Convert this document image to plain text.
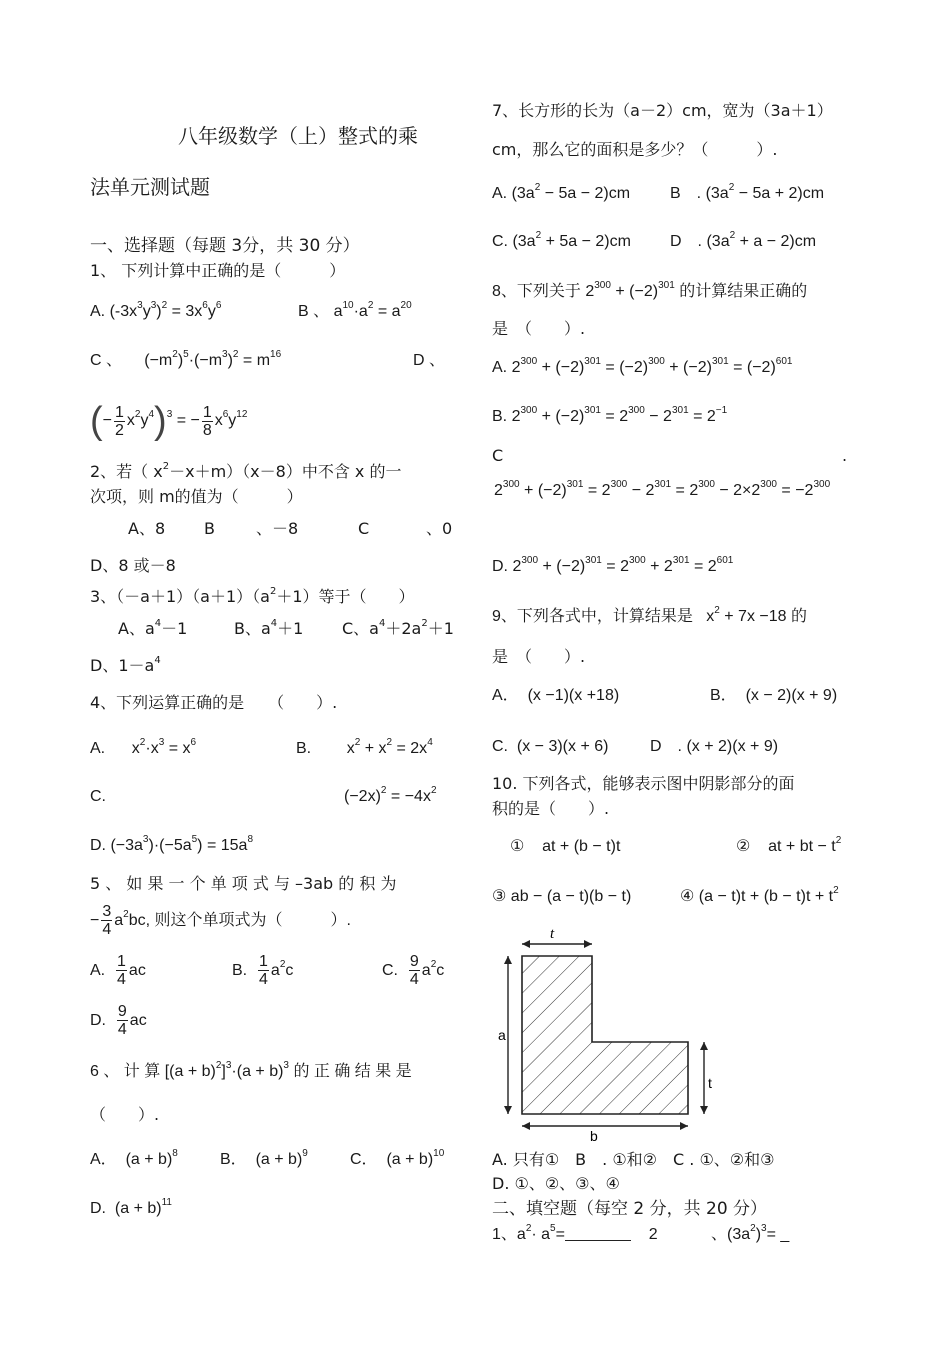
八年级数学（上）整式的乘
法单元测试题
一、选择题（每题 3分，共 30 分）
1、 下列计算中正确的是（　　　）
A. $(-3x^3y^3)^2 = 3x^6y^6$	B 、 $a^{10}\cdot a^2 = a^{20}$
C 、     $(-m^2)^5\cdot(-m^3)^2 = m^{16}$	D 、
(− $\frac{1}{2} x^2y^4)^3$ = − $\frac{1}{8} x^6y^{12}$
2、若（ $x^2-x+m)(x-8)$中不含 x 的一
次项，则 m的值为（　　　）
A、8 B	、－8	C	、0
D、8 或－8
3、$(-a+1)(a+1)(a^2+1)$等于（　　）
A、$a^4-1$	B、$a^4+1$ C、$a^4+2a^2+1$
D、$1-a^4$
4、下列运算正确的是　　（　　）.
A.      $x^2\cdot x^3 = x^6$	B.        $x^2 + x^2 = 2x^4$
C.	$(-2x)^2 = -4x^2$
D. $(-3a^3)\cdot(-5a^5) = 15a^8$
5 、 如 果 一 个 单 项 式 与 –3ab 的 积 为
− $\frac{3}{4} a^2bc$, 则这个单项式为（　　　）.
A. $\frac{1}{4}$ ac	B. $\frac{1}{4} a^2c$	C. $\frac{9}{4} a^2c$
D. $\frac{9}{4}$ ac
6 、 计 算 $[(a + b)^2]^3\cdot(a + b)^3$ 的 正 确 结 果 是
（　　）.
A．  $(a + b)^8$	B．  $(a + b)^9$	C．  $(a + b)^{10}$
D.  $(a + b)^{11}$
7、长方形的长为（a－2）cm，宽为（3a＋1）
cm，那么它的面积是多少？（　　　）.
A. $(3a^2 - 5a - 2)cm$ B　. $(3a^2 - 5a + 2)cm$
C. $(3a^2 + 5a - 2)cm$ D　. $(3a^2 + a - 2)cm$
8、下列关于 $2^{300} + (-2)^{301}$ 的计算结果正确的
是　（　　）.
A. $2^{300} + (-2)^{301} = (-2)^{300} + (-2)^{301} = (-2)^{601}$
B. $2^{300} + (-2)^{301} = 2^{300} - 2^{301} = 2^{-1}$
C	.
$2^{300} + (-2)^{301} = 2^{300} - 2^{301} = 2^{300} - 2\times 2^{300} = -2^{300}$
D. $2^{300} + (-2)^{301} = 2^{300} + 2^{301} = 2^{601}$
9、下列各式中，计算结果是   $x^2 + 7x -18$ 的
是　（　　）.
A．  (x −1)(x +18)	B．  (x − 2)(x + 9)
C.  (x − 3)(x + 6)	D　. (x + 2)(x + 9)
10. 下列各式，能够表示图中阴影部分的面
积的是（　　）.
①    at + (b − t)t	②    at + bt − $t^2$
③ ab − (a − t)(b − t)	④ $(a - t)t + (b - t)t + t^2$
A. 只有①　B　. ①和②　C . ①、②和③
D. ①、②、③、④
二、填空题（每空 2 分，共 20 分）
1、$a^2\cdot a^5=$	2	、$(3a^2)^3=$ _
t
a
t
b
